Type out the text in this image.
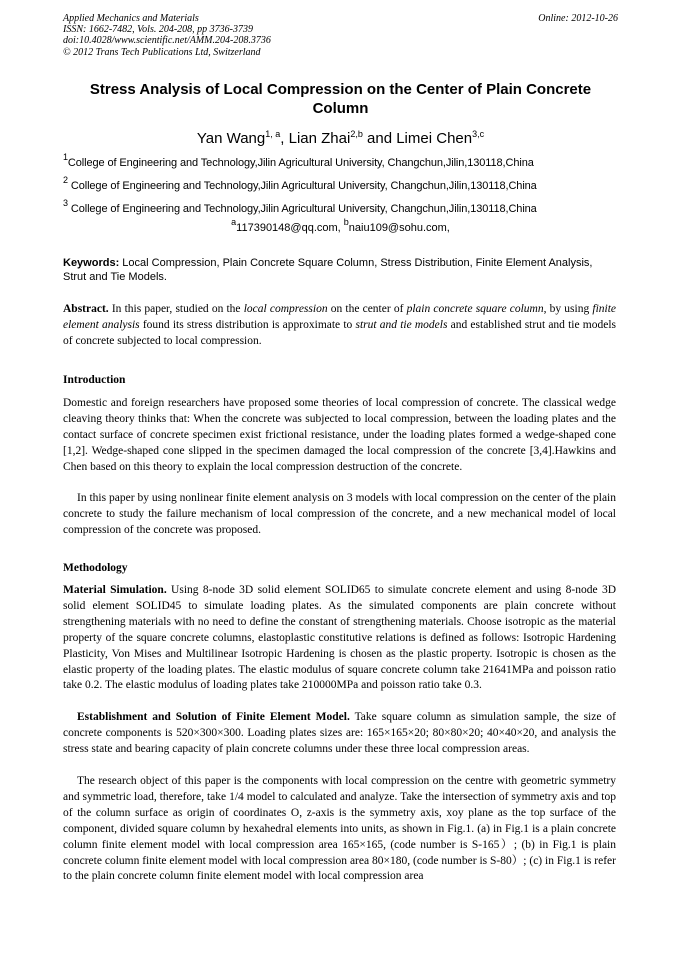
Applied Mechanics and Materials
ISSN: 1662-7482, Vols. 204-208, pp 3736-3739
doi:10.4028/www.scientific.net/AMM.204-208.3736
© 2012 Trans Tech Publications Ltd, Switzerland
Online: 2012-10-26
Stress Analysis of Local Compression on the Center of Plain Concrete Column
Yan Wang$^{1, a}$, Lian Zhai$^{2,b}$ and Limei Chen$^{3,c}$
$^1$College of Engineering and Technology,Jilin Agricultural University, Changchun,Jilin,130118,China
$^2$ College of Engineering and Technology,Jilin Agricultural University, Changchun,Jilin,130118,China
$^3$ College of Engineering and Technology,Jilin Agricultural University, Changchun,Jilin,130118,China
$^a$117390148@qq.com, $^b$naiu109@sohu.com,
Keywords: Local Compression, Plain Concrete Square Column, Stress Distribution, Finite Element Analysis, Strut and Tie Models.
Abstract. In this paper, studied on the local compression on the center of plain concrete square column, by using finite element analysis found its stress distribution is approximate to strut and tie models and established strut and tie models of concrete subjected to local compression.
Introduction
Domestic and foreign researchers have proposed some theories of local compression of concrete. The classical wedge cleaving theory thinks that: When the concrete was subjected to local compression, between the loading plates and the contact surface of concrete specimen exist frictional resistance, under the loading plates formed a wedge-shaped cone [1,2]. Wedge-shaped cone slipped in the specimen damaged the local compression of the concrete [3,4].Hawkins and Chen based on this theory to explain the local compression destruction of the concrete.
In this paper by using nonlinear finite element analysis on 3 models with local compression on the center of the plain concrete to study the failure mechanism of local compression of the concrete, and a new mechanical model of local compression of the concrete was proposed.
Methodology
Material Simulation. Using 8-node 3D solid element SOLID65 to simulate concrete element and using 8-node 3D solid element SOLID45 to simulate loading plates. As the simulated components are plain concrete without strengthening materials with no need to define the constant of strengthening materials. Choose isotropic as the material property of the square concrete columns, elastoplastic constitutive relations is defined as follows: Isotropic Hardening Plasticity, Von Mises and Multilinear Isotropic Hardening is chosen as the plastic property. Isotropic is chosen as the elastic property of the loading plates. The elastic modulus of square concrete column take 21641MPa and poisson ratio take 0.2. The elastic modulus of loading plates take 210000MPa and poisson ratio take 0.3.
Establishment and Solution of Finite Element Model. Take square column as simulation sample, the size of concrete components is 520×300×300. Loading plates sizes are: 165×165×20; 80×80×20; 40×40×20, and analysis the stress state and bearing capacity of plain concrete columns under these three local compression areas.
The research object of this paper is the components with local compression on the centre with geometric symmetry and symmetric load, therefore, take 1/4 model to calculated and analyze. Take the intersection of symmetry axis and top of the column surface as origin of coordinates O, z-axis is the symmetry axis, xoy plane as the top surface of the component, divided square column by hexahedral elements into units, as shown in Fig.1. (a) in Fig.1 is a plain concrete column finite element model with local compression area 165×165, (code number is S-165）; (b) in Fig.1 is plain concrete column finite element model with local compression area 80×180, (code number is S-80）; (c) in Fig.1 is refer to the plain concrete column finite element model with local compression area
